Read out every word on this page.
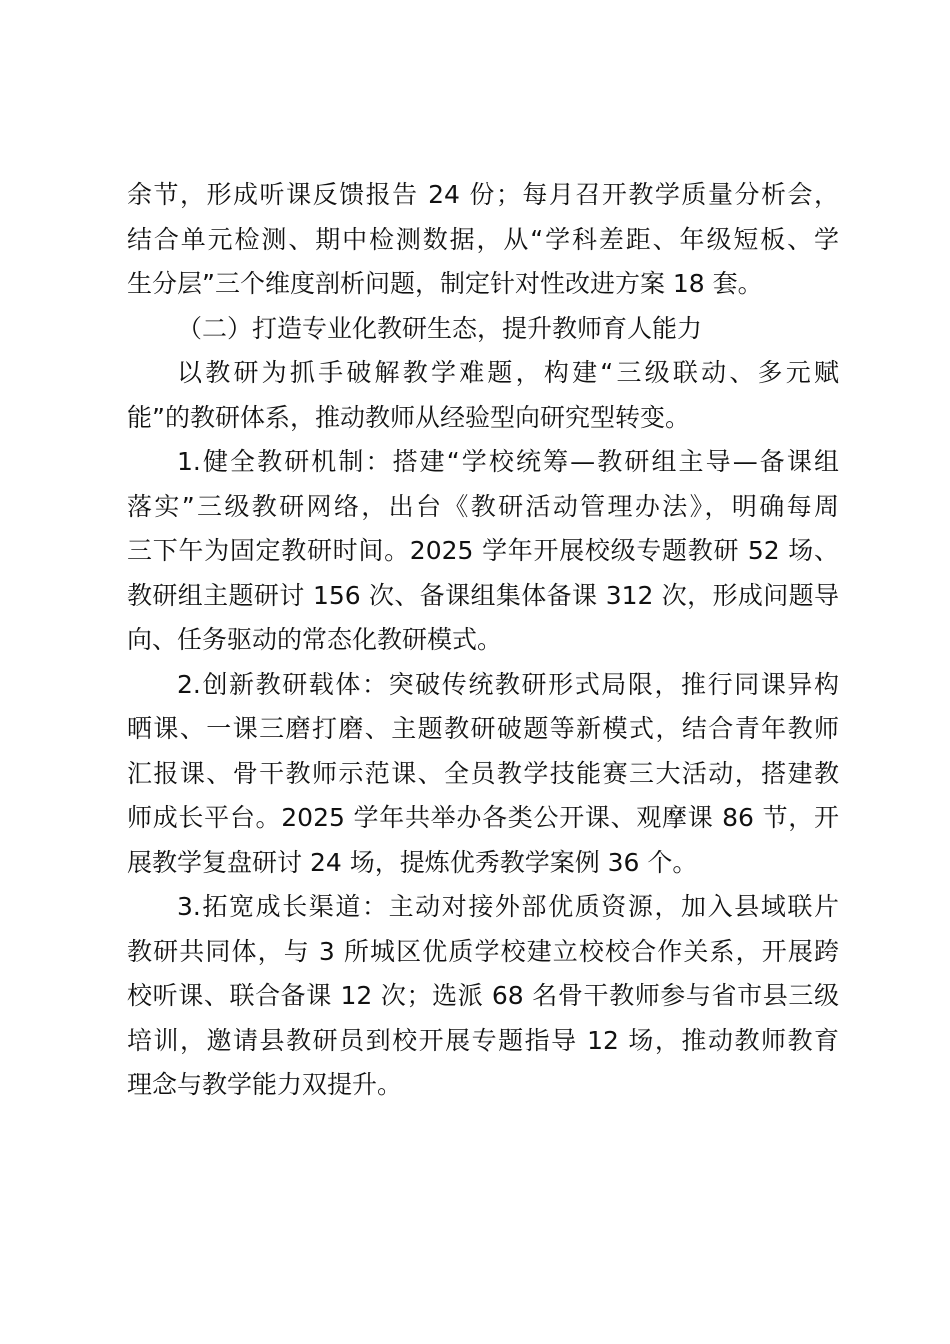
余节，形成听课反馈报告 24 份；每月召开教学质量分析会，
结合单元检测、期中检测数据，从“学科差距、年级短板、学
生分层”三个维度剖析问题，制定针对性改进方案 18 套。
（二）打造专业化教研生态，提升教师育人能力
以教研为抓手破解教学难题，构建“三级联动、多元赋
能”的教研体系，推动教师从经验型向研究型转变。
1.健全教研机制：搭建“学校统筹—教研组主导—备课组
落实”三级教研网络，出台《教研活动管理办法》，明确每周
三下午为固定教研时间。2025 学年开展校级专题教研 52 场、
教研组主题研讨 156 次、备课组集体备课 312 次，形成问题导
向、任务驱动的常态化教研模式。
2.创新教研载体：突破传统教研形式局限，推行同课异构
晒课、一课三磨打磨、主题教研破题等新模式，结合青年教师
汇报课、骨干教师示范课、全员教学技能赛三大活动，搭建教
师成长平台。2025 学年共举办各类公开课、观摩课 86 节，开
展教学复盘研讨 24 场，提炼优秀教学案例 36 个。
3.拓宽成长渠道：主动对接外部优质资源，加入县域联片
教研共同体，与 3 所城区优质学校建立校校合作关系，开展跨
校听课、联合备课 12 次；选派 68 名骨干教师参与省市县三级
培训，邀请县教研员到校开展专题指导 12 场，推动教师教育
理念与教学能力双提升。
